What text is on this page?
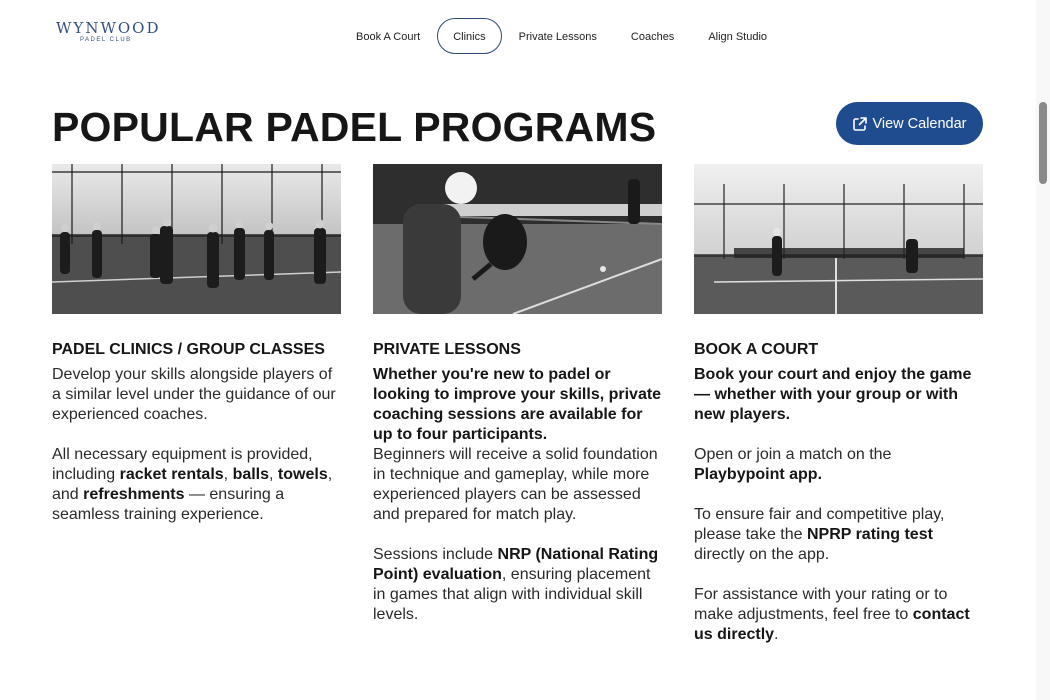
WYNWOOD
PADEL CLUB	Book A Court	Clinics	Private Lessons	Coaches	Align Studio
POPULAR PADEL PROGRAMS	View Calendar
PADEL CLINICS / GROUP CLASSES

Develop your skills alongside players of a similar level under the guidance of our experienced coaches.

All necessary equipment is provided, including racket rentals, balls, towels, and refreshments — ensuring a seamless training experience.

PRIVATE LESSONS

Whether you're new to padel or looking to improve your skills, private coaching sessions are available for up to four participants.

Beginners will receive a solid foundation in technique and gameplay, while more experienced players can be assessed and prepared for match play.

Sessions include NRP (National Rating Point) evaluation, ensuring placement in games that align with individual skill levels.

BOOK A COURT

Book your court and enjoy the game — whether with your group or with new players.

Open or join a match on the Playbypoint app.

To ensure fair and competitive play, please take the NPRP rating test directly on the app.

For assistance with your rating or to make adjustments, feel free to contact us directly.
